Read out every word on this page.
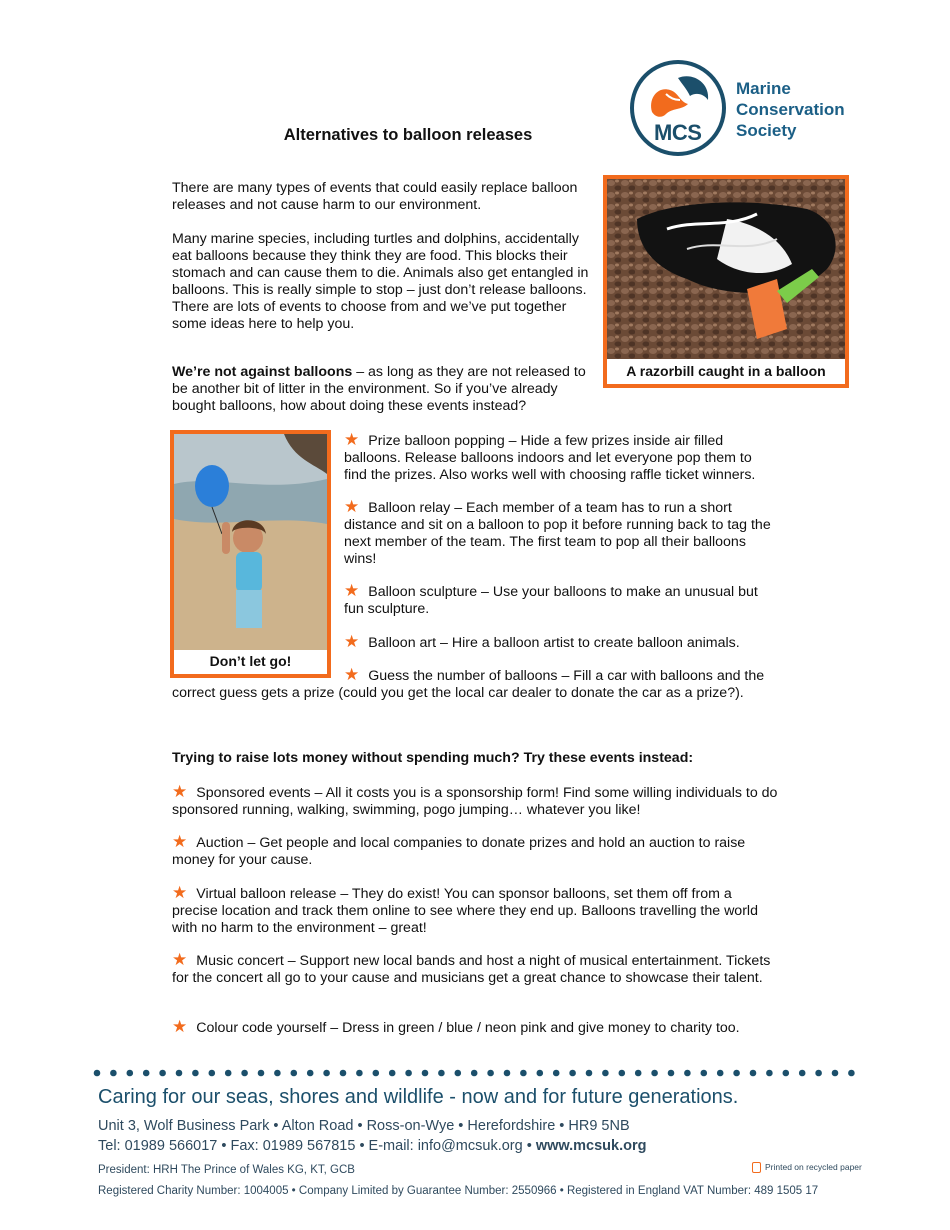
MCS
Marine
Conservation
Society
Alternatives to balloon releases

There are many types of events that could easily replace balloon releases and not cause harm to our environment.

Many marine species, including turtles and dolphins, accidentally eat balloons because they think they are food. This blocks their stomach and can cause them to die. Animals also get entangled in balloons. This is really simple to stop – just don’t release balloons. There are lots of events to choose from and we’ve put together some ideas here to help you.

We’re not against balloons – as long as they are not released to be another bit of litter in the environment. So if you’ve already bought balloons, how about doing these events instead?

A razorbill caught in a balloon
Don’t let go!

★ Prize balloon popping – Hide a few prizes inside air filled balloons. Release balloons indoors and let everyone pop them to find the prizes. Also works well with choosing raffle ticket winners.

★ Balloon relay – Each member of a team has to run a short distance and sit on a balloon to pop it before running back to tag the next member of the team. The first team to pop all their balloons wins!

★ Balloon sculpture – Use your balloons to make an unusual but fun sculpture.

★ Balloon art – Hire a balloon artist to create balloon animals.

★ Guess the number of balloons – Fill a car with balloons and the correct guess gets a prize (could you get the local car dealer to donate the car as a prize?).

Trying to raise lots money without spending much? Try these events instead:

★ Sponsored events – All it costs you is a sponsorship form! Find some willing individuals to do sponsored running, walking, swimming, pogo jumping… whatever you like!

★ Auction – Get people and local companies to donate prizes and hold an auction to raise money for your cause.

★ Virtual balloon release – They do exist! You can sponsor balloons, set them off from a precise location and track them online to see where they end up. Balloons travelling the world with no harm to the environment – great!

★ Music concert – Support new local bands and host a night of musical entertainment. Tickets for the concert all go to your cause and musicians get a great chance to showcase their talent.

★ Colour code yourself – Dress in green / blue / neon pink and give money to charity too.

Caring for our seas, shores and wildlife - now and for future generations.
Unit 3, Wolf Business Park • Alton Road • Ross-on-Wye • Herefordshire • HR9 5NB
Tel: 01989 566017 • Fax: 01989 567815 • E-mail: info@mcsuk.org • www.mcsuk.org
President: HRH The Prince of Wales KG, KT, GCB	Printed on recycled paper
Registered Charity Number: 1004005 • Company Limited by Guarantee Number: 2550966 • Registered in England VAT Number: 489 1505 17
